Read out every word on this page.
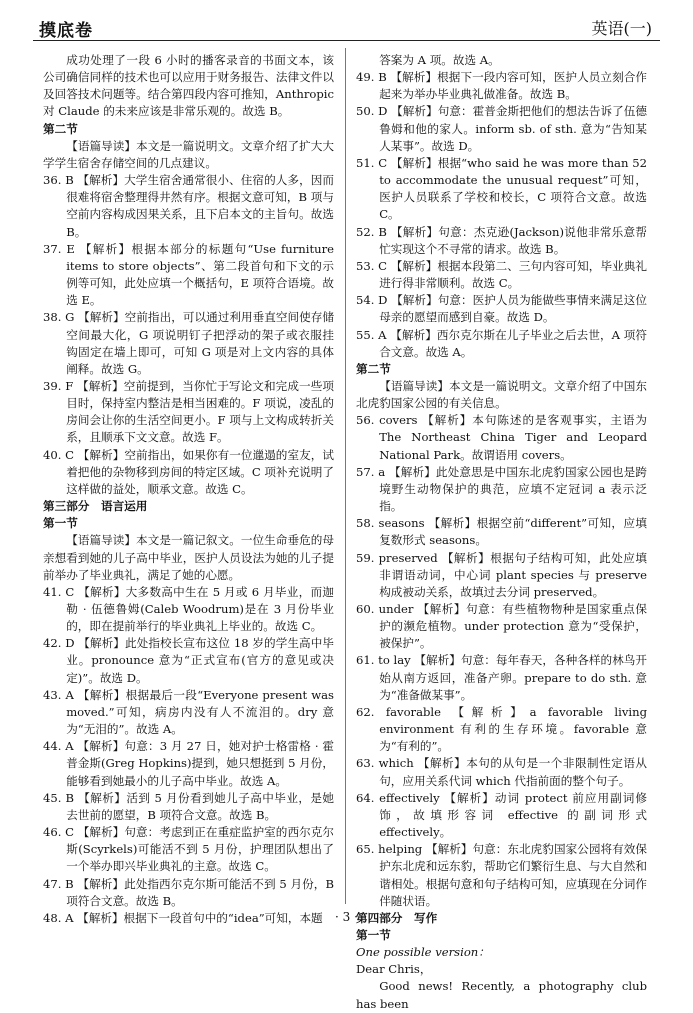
摸底卷	英语(一)

成功处理了一段 6 小时的播客录音的书面文本，该公司确信同样的技术也可以应用于财务报告、法律文件以及回答技术问题等。结合第四段内容可推知，Anthropic 对 Claude 的未来应该是非常乐观的。故选 B。

第二节

【语篇导读】本文是一篇说明文。文章介绍了扩大大学学生宿舍存储空间的几点建议。

36. B 【解析】大学生宿舍通常很小、住宿的人多，因而很难将宿舍整理得井然有序。根据文意可知，B 项与空前内容构成因果关系，且下启本文的主旨句。故选 B。

37. E 【解析】根据本部分的标题句“Use furniture items to store objects”、第二段首句和下文的示例等可知，此处应填一个概括句，E 项符合语境。故选 E。

38. G 【解析】空前指出，可以通过利用垂直空间使存储空间最大化，G 项说明钉子把浮动的架子或衣服挂钩固定在墙上即可，可知 G 项是对上文内容的具体阐释。故选 G。

39. F 【解析】空前提到，当你忙于写论文和完成一些项目时，保持室内整洁是相当困难的。F 项说，凌乱的房间会让你的生活空间更小。F 项与上文构成转折关系，且顺承下文文意。故选 F。

40. C 【解析】空前指出，如果你有一位邋遢的室友，试着把他的杂物移到房间的特定区域。C 项补充说明了这样做的益处，顺承文意。故选 C。

第三部分　语言运用

第一节

【语篇导读】本文是一篇记叙文。一位生命垂危的母亲想看到她的儿子高中毕业，医护人员设法为她的儿子提前举办了毕业典礼，满足了她的心愿。

41. C 【解析】大多数高中生在 5 月或 6 月毕业，而迦勒 · 伍德鲁姆(Caleb Woodrum)是在 3 月份毕业的，即在提前举行的毕业典礼上毕业的。故选 C。

42. D 【解析】此处指校长宣布这位 18 岁的学生高中毕业。pronounce 意为“正式宣布(官方的意见或决定)”。故选 D。

43. A 【解析】根据最后一段“Everyone present was moved.”可知，病房内没有人不流泪的。dry 意为“无泪的”。故选 A。

44. A 【解析】句意：3 月 27 日，她对护士格雷格 · 霍普金斯(Greg Hopkins)提到，她只想挺到 5 月份，能够看到她最小的儿子高中毕业。故选 A。

45. B 【解析】活到 5 月份看到她儿子高中毕业，是她去世前的愿望，B 项符合文意。故选 B。

46. C 【解析】句意：考虑到正在重症监护室的西尔克尔斯(Scyrkels)可能活不到 5 月份，护理团队想出了一个举办即兴毕业典礼的主意。故选 C。

47. B 【解析】此处指西尔克尔斯可能活不到 5 月份，B 项符合文意。故选 B。

48. A 【解析】根据下一段首句中的“idea”可知，本题

答案为 A 项。故选 A。

49. B 【解析】根据下一段内容可知，医护人员立刻合作起来为举办毕业典礼做准备。故选 B。

50. D 【解析】句意：霍普金斯把他们的想法告诉了伍德鲁姆和他的家人。inform sb. of sth. 意为“告知某人某事”。故选 D。

51. C 【解析】根据“who said he was more than 52 to accommodate the unusual request”可知，医护人员联系了学校和校长，C 项符合文意。故选 C。

52. B 【解析】句意：杰克逊(Jackson)说他非常乐意帮忙实现这个不寻常的请求。故选 B。

53. C 【解析】根据本段第二、三句内容可知，毕业典礼进行得非常顺利。故选 C。

54. D 【解析】句意：医护人员为能做些事情来满足这位母亲的愿望而感到自豪。故选 D。

55. A 【解析】西尔克尔斯在儿子毕业之后去世，A 项符合文意。故选 A。

第二节

【语篇导读】本文是一篇说明文。文章介绍了中国东北虎豹国家公园的有关信息。

56. covers 【解析】本句陈述的是客观事实，主语为 The Northeast China Tiger and Leopard National Park。故谓语用 covers。

57. a 【解析】此处意思是中国东北虎豹国家公园也是跨境野生动物保护的典范，应填不定冠词 a 表示泛指。

58. seasons 【解析】根据空前“different”可知，应填复数形式 seasons。

59. preserved 【解析】根据句子结构可知，此处应填非谓语动词，中心词 plant species 与 preserve 构成被动关系，故填过去分词 preserved。

60. under 【解析】句意：有些植物物种是国家重点保护的濒危植物。under protection 意为“受保护，被保护”。

61. to lay 【解析】句意：每年春天，各种各样的林鸟开始从南方返回，准备产卵。prepare to do sth. 意为“准备做某事”。

62. favorable 【解析】a favorable living environment 有利的生存环境。favorable 意为“有利的”。

63. which 【解析】本句的从句是一个非限制性定语从句，应用关系代词 which 代指前面的整个句子。

64. effectively 【解析】动词 protect 前应用副词修饰，故填形容词 effective 的副词形式 effectively。

65. helping 【解析】句意：东北虎豹国家公园将有效保护东北虎和远东豹，帮助它们繁衍生息、与大自然和谐相处。根据句意和句子结构可知，应填现在分词作伴随状语。

第四部分　写作

第一节

One possible version：

Dear Chris，

Good news! Recently, a photography club has been

· 3 ·
